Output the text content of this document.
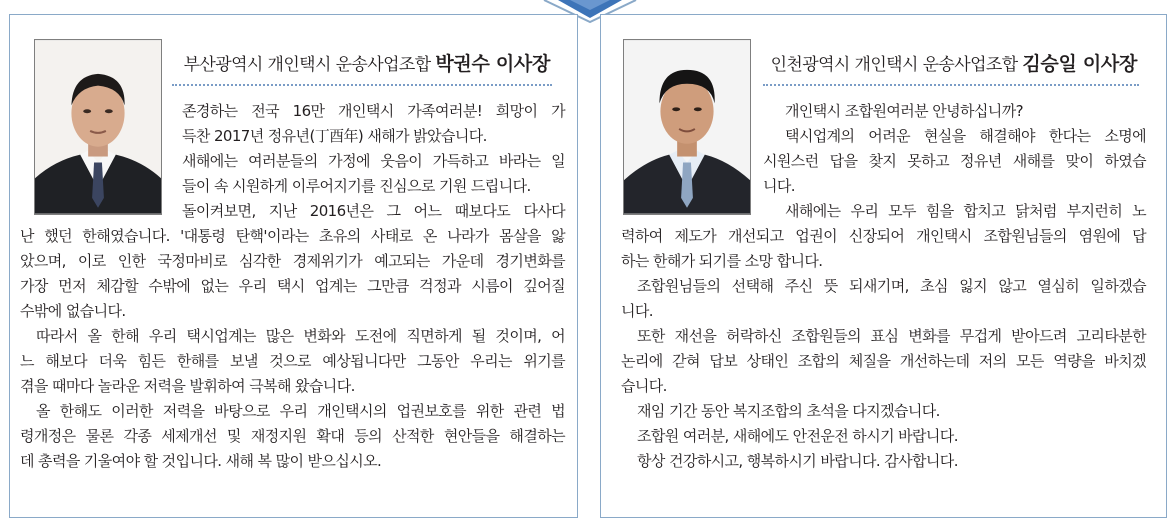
부산광역시 개인택시 운송사업조합 박권수 이사장
존경하는 전국 16만 개인택시 가족여러분! 희망이 가
득찬 2017년 정유년(丁酉年) 새해가 밝았습니다.
새해에는 여러분들의 가정에 웃음이 가득하고 바라는 일
들이 속 시원하게 이루어지기를 진심으로 기원 드립니다.
돌이켜보면, 지난 2016년은 그 어느 때보다도 다사다
난 했던 한해였습니다. '대통령 탄핵'이라는 초유의 사태로 온 나라가 몸살을 앓
았으며, 이로 인한 국정마비로 심각한 경제위기가 예고되는 가운데 경기변화를
가장 먼저 체감할 수밖에 없는 우리 택시 업계는 그만큼 걱정과 시름이 깊어질
수밖에 없습니다.
따라서 올 한해 우리 택시업계는 많은 변화와 도전에 직면하게 될 것이며, 어
느 해보다 더욱 힘든 한해를 보낼 것으로 예상됩니다만 그동안 우리는 위기를
겪을 때마다 놀라운 저력을 발휘하여 극복해 왔습니다.
올 한해도 이러한 저력을 바탕으로 우리 개인택시의 업권보호를 위한 관련 법
령개정은 물론 각종 세제개선 및 재정지원 확대 등의 산적한 현안들을 해결하는
데 총력을 기울여야 할 것입니다. 새해 복 많이 받으십시오.
인천광역시 개인택시 운송사업조합 김승일 이사장
개인택시 조합원여러분 안녕하십니까?
택시업계의 어려운 현실을 해결해야 한다는 소명에
시원스런 답을 찾지 못하고 정유년 새해를 맞이 하였습
니다.
새해에는 우리 모두 힘을 합치고 닭처럼 부지런히 노
력하여 제도가 개선되고 업권이 신장되어 개인택시 조합원님들의 염원에 답
하는 한해가 되기를 소망 합니다.
조합원님들의 선택해 주신 뜻 되새기며, 초심 잃지 않고 열심히 일하겠습
니다.
또한 재선을 허락하신 조합원들의 표심 변화를 무겁게 받아드려 고리타분한
논리에 갇혀 답보 상태인 조합의 체질을 개선하는데 저의 모든 역량을 바치겠
습니다.
재임 기간 동안 복지조합의 초석을 다지겠습니다.
조합원 여러분, 새해에도 안전운전 하시기 바랍니다.
항상 건강하시고, 행복하시기 바랍니다. 감사합니다.
